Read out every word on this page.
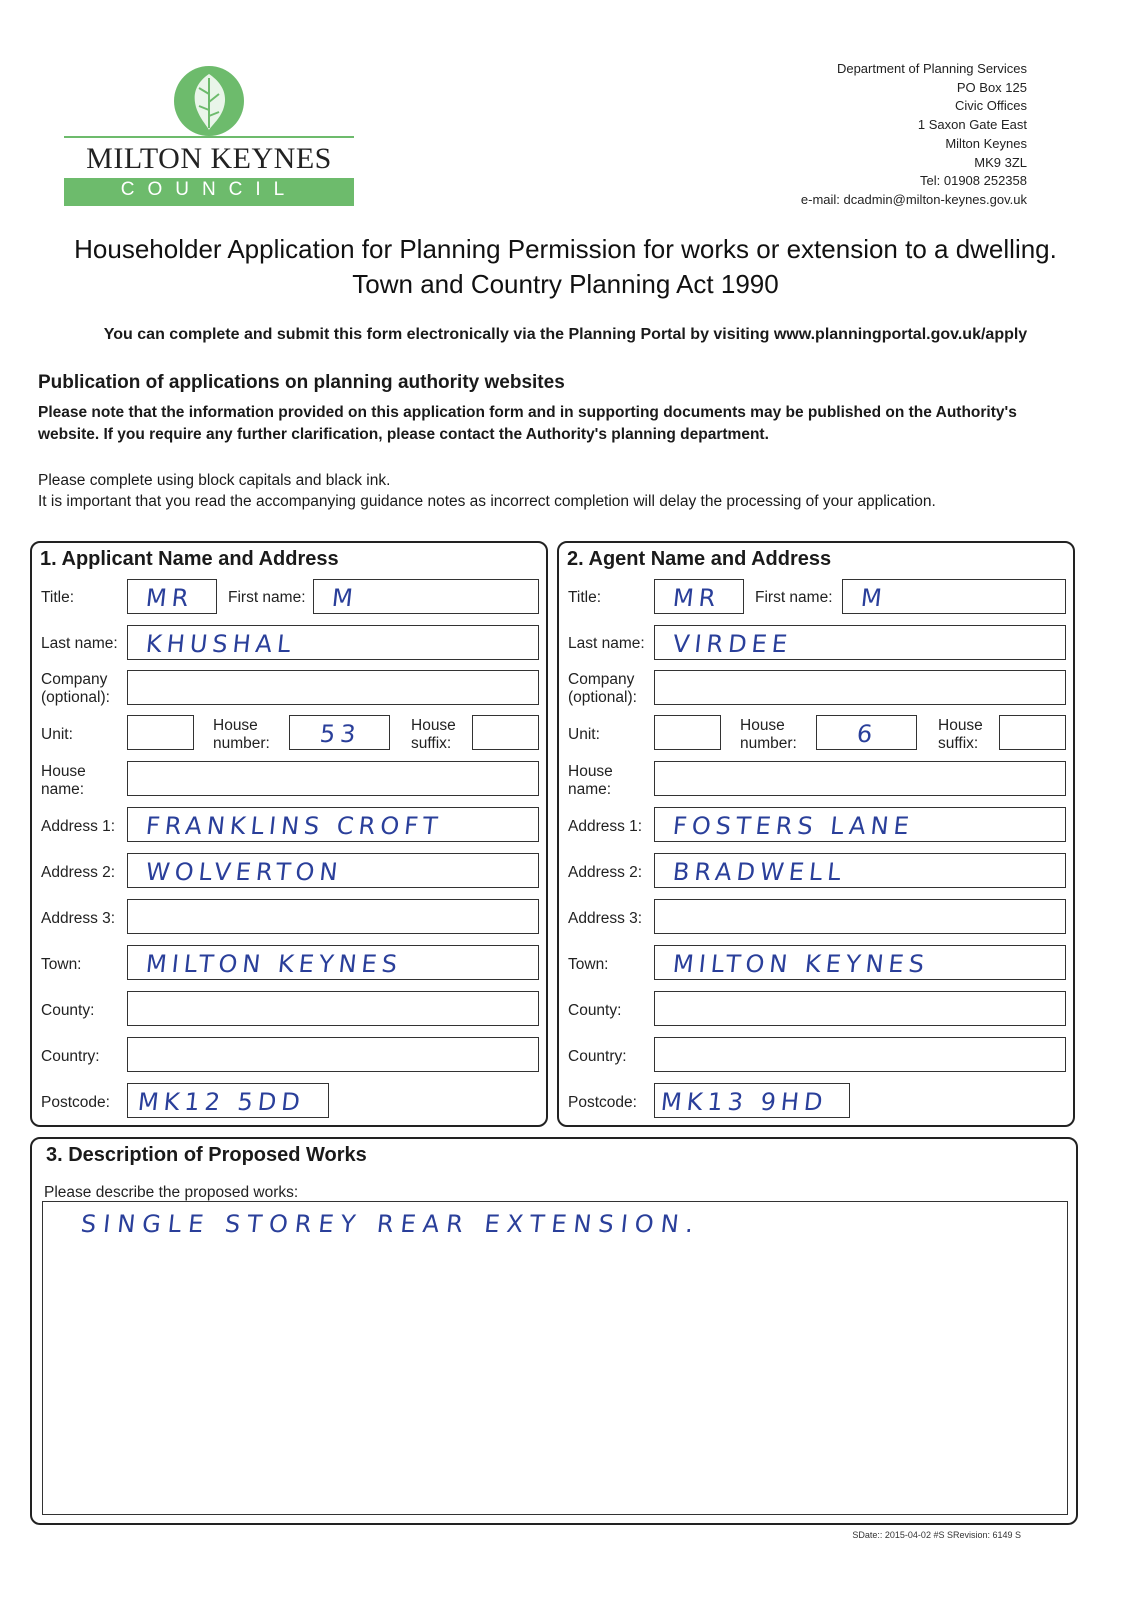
MILTON KEYNES
COUNCIL
Department of Planning Services
PO Box 125
Civic Offices
1 Saxon Gate East
Milton Keynes
MK9 3ZL
Tel: 01908 252358
e-mail: dcadmin@milton-keynes.gov.uk
Householder Application for Planning Permission for works or extension to a dwelling.
Town and Country Planning Act 1990
You can complete and submit this form electronically via the Planning Portal by visiting www.planningportal.gov.uk/apply
Publication of applications on planning authority websites
Please note that the information provided on this application form and in supporting documents may be published on the Authority's website. If you require any further clarification, please contact the Authority's planning department.
Please complete using block capitals and black ink.
It is important that you read the accompanying guidance notes as incorrect completion will delay the processing of your application.
1. Applicant Name and Address
Title:	MR First name: M
Last name: KHUSHAL
Company
(optional):
Unit:
House
number: 53	House
suffix:
House
name:
Address 1: FRANKLINS CROFT
Address 2: WOLVERTON
Address 3:
Town:	MILTON KEYNES
County:
Country:
Postcode: MK12 5DD
2. Agent Name and Address
Title:	MR First name: M
Last name: VIRDEE
Company
(optional):
Unit:
House
number: 6	House
suffix:
House
name:
Address 1: FOSTERS LANE
Address 2: BRADWELL
Address 3:
Town:	MILTON KEYNES
County:
Country:
Postcode: MK13 9HD
3. Description of Proposed Works
Please describe the proposed works:
SINGLE STOREY REAR EXTENSION.
SDate:: 2015-04-02 #S SRevision: 6149 S
